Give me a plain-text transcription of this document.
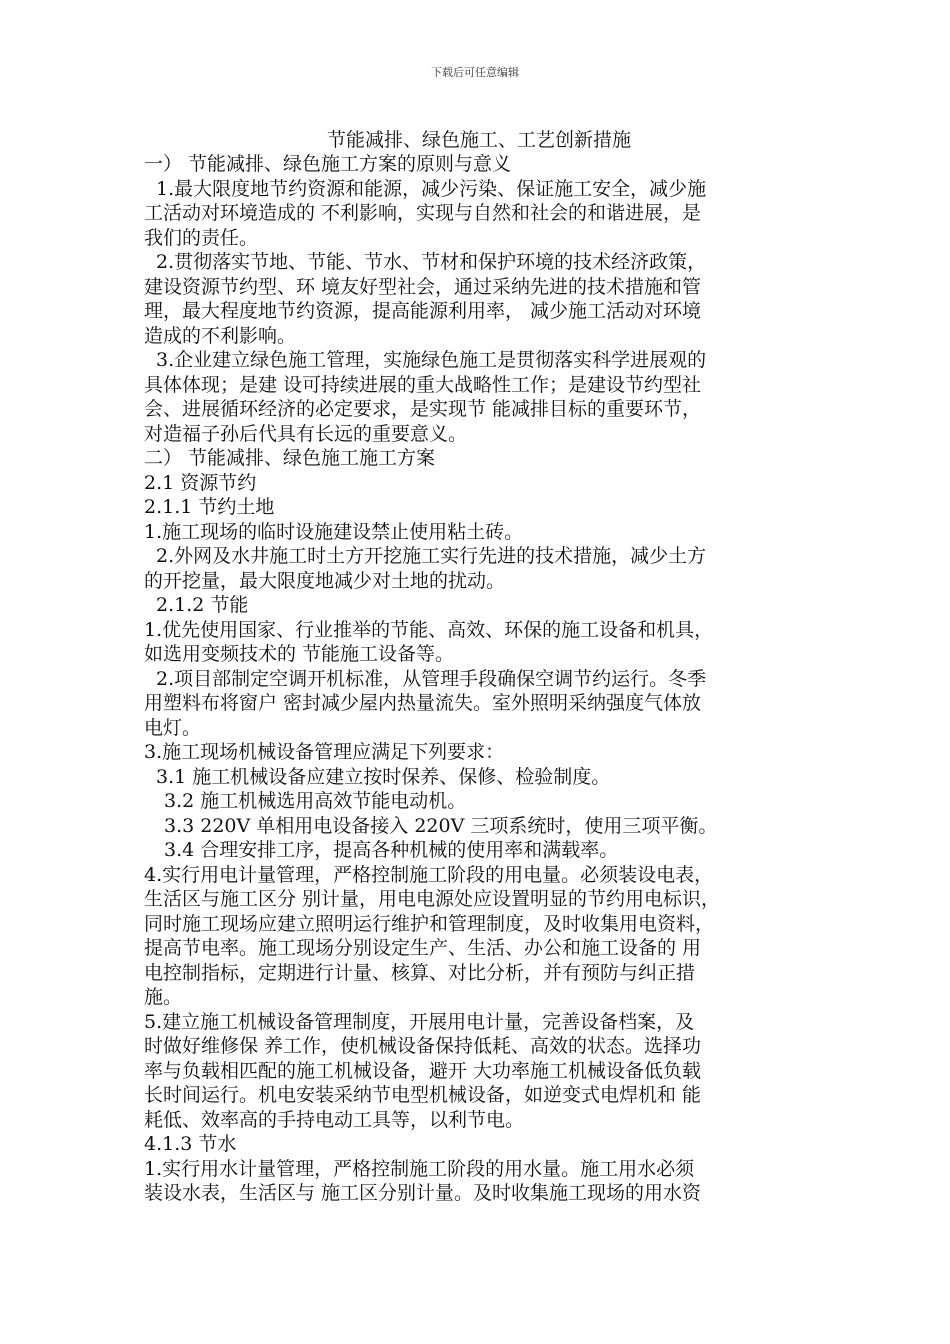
下载后可任意编辑
节能减排、绿色施工、工艺创新措施

一） 节能减排、绿色施工方案的原则与意义

1.最大限度地节约资源和能源，减少污染、保证施工安全，减少施

工活动对环境造成的 不利影响，实现与自然和社会的和谐进展，是

我们的责任。

2.贯彻落实节地、节能、节水、节材和保护环境的技术经济政策，

建设资源节约型、环 境友好型社会，通过采纳先进的技术措施和管

理，最大程度地节约资源，提高能源利用率， 减少施工活动对环境

造成的不利影响。

3.企业建立绿色施工管理，实施绿色施工是贯彻落实科学进展观的

具体体现；是建 设可持续进展的重大战略性工作；是建设节约型社

会、进展循环经济的必定要求，是实现节 能减排目标的重要环节，

对造福子孙后代具有长远的重要意义。

二） 节能减排、绿色施工施工方案

2.1 资源节约

2.1.1 节约土地

1.施工现场的临时设施建设禁止使用粘土砖。

2.外网及水井施工时土方开挖施工实行先进的技术措施，减少土方

的开挖量，最大限度地减少对土地的扰动。

2.1.2 节能

1.优先使用国家、行业推举的节能、高效、环保的施工设备和机具，

如选用变频技术的 节能施工设备等。

2.项目部制定空调开机标准，从管理手段确保空调节约运行。冬季

用塑料布将窗户 密封减少屋内热量流失。室外照明采纳强度气体放

电灯。

3.施工现场机械设备管理应满足下列要求：

3.1 施工机械设备应建立按时保养、保修、检验制度。

3.2 施工机械选用高效节能电动机。

3.3 220V 单相用电设备接入 220V 三项系统时，使用三项平衡。

3.4 合理安排工序，提高各种机械的使用率和满载率。

4.实行用电计量管理，严格控制施工阶段的用电量。必须装设电表，

生活区与施工区分 别计量，用电电源处应设置明显的节约用电标识，

同时施工现场应建立照明运行维护和管理制度，及时收集用电资料，

提高节电率。施工现场分别设定生产、生活、办公和施工设备的 用

电控制指标，定期进行计量、核算、对比分析，并有预防与纠正措

施。

5.建立施工机械设备管理制度，开展用电计量，完善设备档案，及

时做好维修保 养工作，使机械设备保持低耗、高效的状态。选择功

率与负载相匹配的施工机械设备，避开 大功率施工机械设备低负载

长时间运行。机电安装采纳节电型机械设备，如逆变式电焊机和 能

耗低、效率高的手持电动工具等，以利节电。

4.1.3 节水

1.实行用水计量管理，严格控制施工阶段的用水量。施工用水必须

装设水表，生活区与 施工区分别计量。及时收集施工现场的用水资
